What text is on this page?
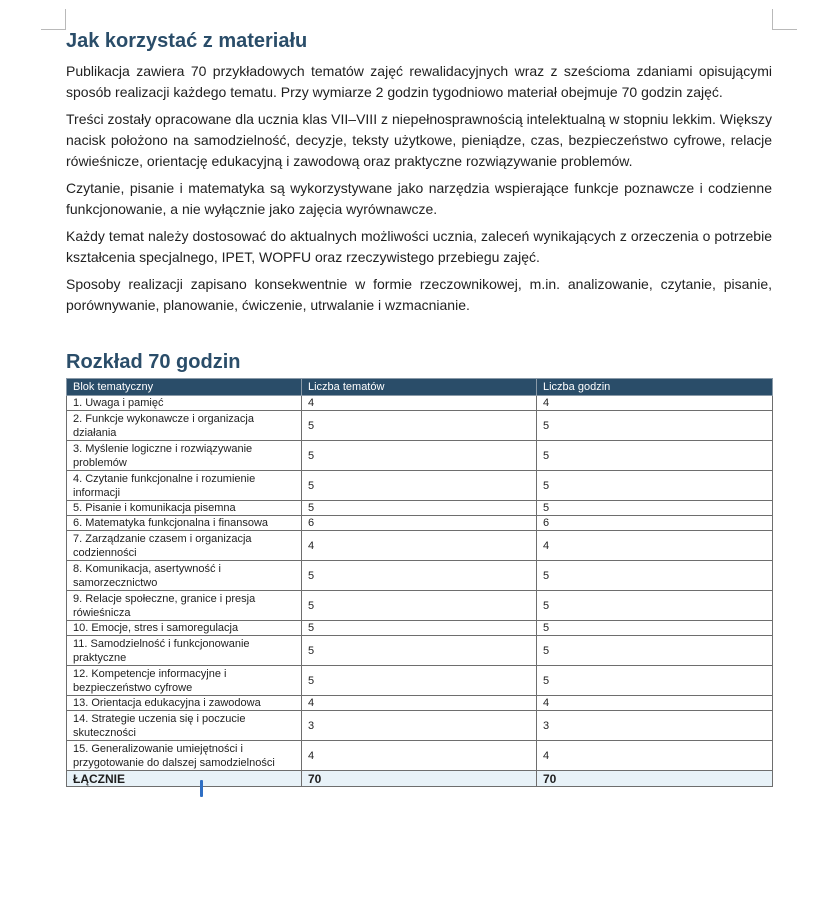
Jak korzystać z materiału

Publikacja zawiera 70 przykładowych tematów zajęć rewalidacyjnych wraz z sześcioma zdaniami opisującymi sposób realizacji każdego tematu. Przy wymiarze 2 godzin tygodniowo materiał obejmuje 70 godzin zajęć.

Treści zostały opracowane dla ucznia klas VII–VIII z niepełnosprawnością intelektualną w stopniu lekkim. Większy nacisk położono na samodzielność, decyzje, teksty użytkowe, pieniądze, czas, bezpieczeństwo cyfrowe, relacje rówieśnicze, orientację edukacyjną i zawodową oraz praktyczne rozwiązywanie problemów.

Czytanie, pisanie i matematyka są wykorzystywane jako narzędzia wspierające funkcje poznawcze i codzienne funkcjonowanie, a nie wyłącznie jako zajęcia wyrównawcze.

Każdy temat należy dostosować do aktualnych możliwości ucznia, zaleceń wynikających z orzeczenia o potrzebie kształcenia specjalnego, IPET, WOPFU oraz rzeczywistego przebiegu zajęć.

Sposoby realizacji zapisano konsekwentnie w formie rzeczownikowej, m.in. analizowanie, czytanie, pisanie, porównywanie, planowanie, ćwiczenie, utrwalanie i wzmacnianie.

Rozkład 70 godzin
Blok tematyczny	Liczba tematów	Liczba godzin
1. Uwaga i pamięć	4	4
2. Funkcje wykonawcze i organizacja działania	5	5
3. Myślenie logiczne i rozwiązywanie problemów	5	5
4. Czytanie funkcjonalne i rozumienie informacji	5	5
5. Pisanie i komunikacja pisemna	5	5
6. Matematyka funkcjonalna i finansowa	6	6
7. Zarządzanie czasem i organizacja codzienności	4	4
8. Komunikacja, asertywność i samorzecznictwo	5	5
9. Relacje społeczne, granice i presja rówieśnicza	5	5
10. Emocje, stres i samoregulacja	5	5
11. Samodzielność i funkcjonowanie praktyczne	5	5
12. Kompetencje informacyjne i bezpieczeństwo cyfrowe	5	5
13. Orientacja edukacyjna i zawodowa	4	4
14. Strategie uczenia się i poczucie skuteczności	3	3
15. Generalizowanie umiejętności i przygotowanie do dalszej samodzielności	4	4
ŁĄCZNIE	70	70
